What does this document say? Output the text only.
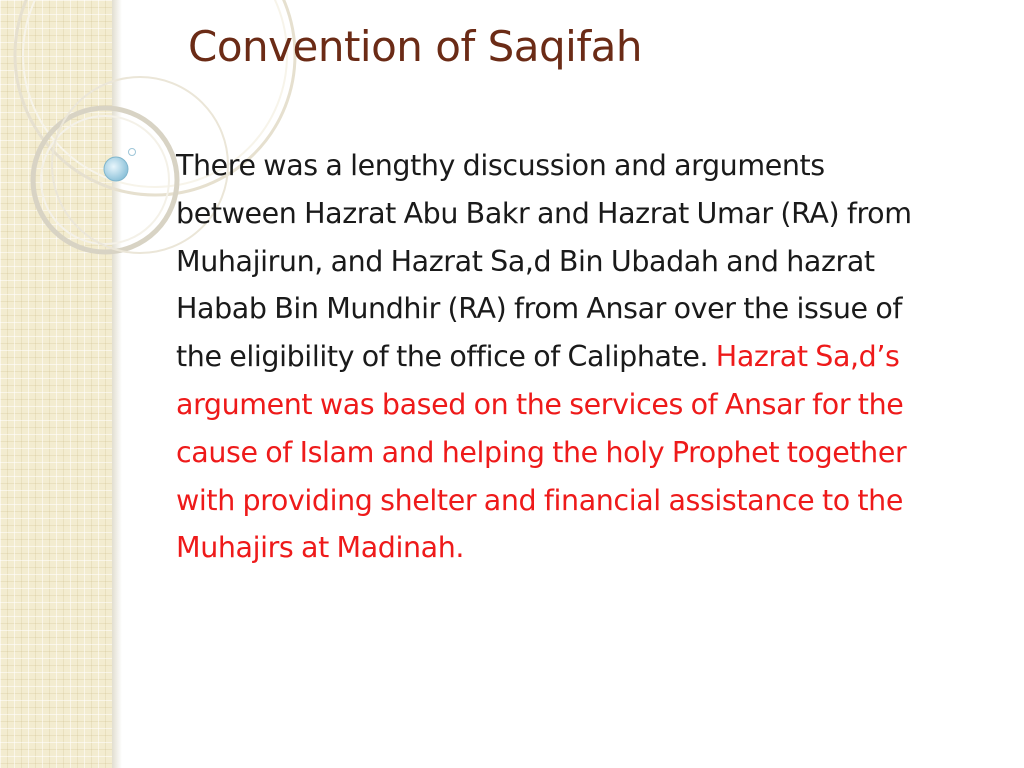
Convention of Saqifah

There was a lengthy discussion and arguments between Hazrat Abu Bakr and Hazrat Umar (RA) from Muhajirun, and Hazrat Sa,d Bin Ubadah and hazrat Habab Bin Mundhir (RA) from Ansar over the issue of the eligibility of the office of Caliphate. Hazrat Sa,d’s argument was based on the services of Ansar for the cause of Islam and helping the holy Prophet together with providing shelter and financial assistance to the Muhajirs at Madinah.
